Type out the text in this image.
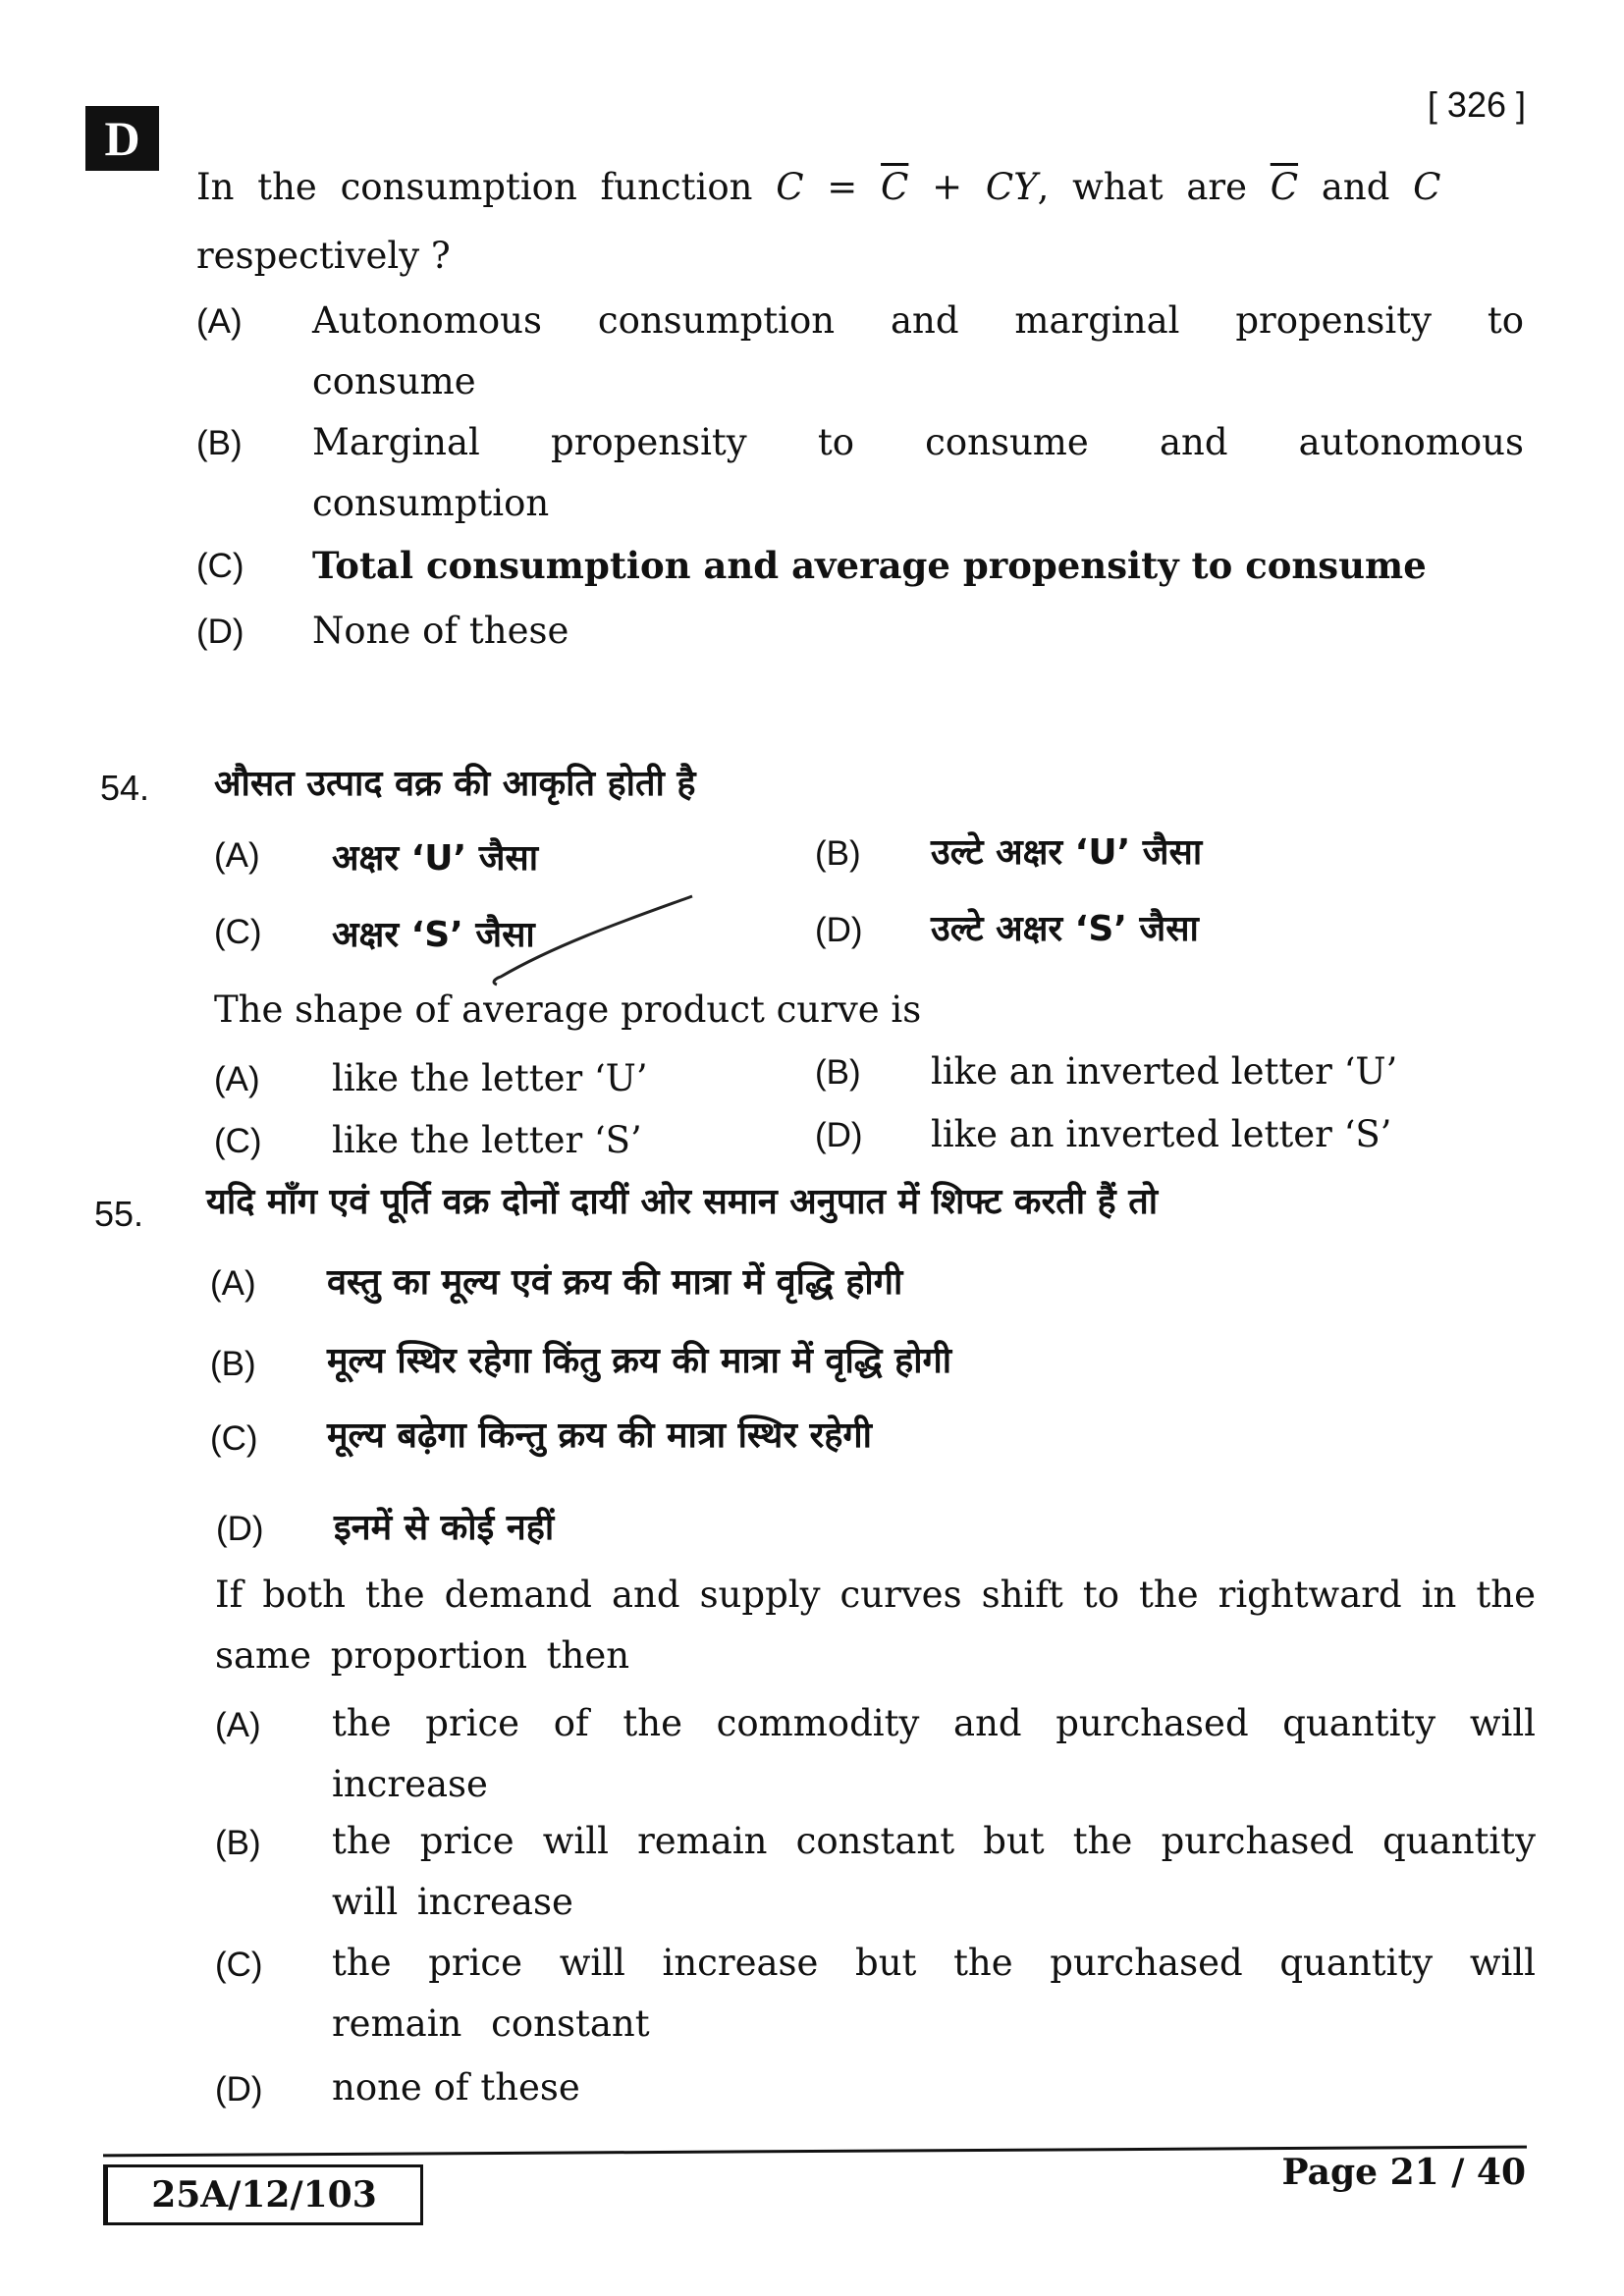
D
[ 326 ]
In the consumption function $C = \overline{C}$ + CY, what are $\overline{C}$ and C
respectively ?
(A) Autonomous consumption and marginal propensity to consume
(B) Marginal propensity to consume and autonomous consumption
(C) Total consumption and average propensity to consume
(D) None of these
54. औसत उत्पाद वक्र की आकृति होती है
(A) अक्षर ‘U’ जैसा	(B) उल्टे अक्षर ‘U’ जैसा
(C) अक्षर ‘S’ जैसा	(D) उल्टे अक्षर ‘S’ जैसा
The shape of average product curve is
(A) like the letter ‘U’	(B) like an inverted letter ‘U’
(C) like the letter ‘S’	(D) like an inverted letter ‘S’
55. यदि माँग एवं पूर्ति वक्र दोनों दायीं ओर समान अनुपात में शिफ्ट करती हैं तो
(A) वस्तु का मूल्य एवं क्रय की मात्रा में वृद्धि होगी
(B) मूल्य स्थिर रहेगा किंतु क्रय की मात्रा में वृद्धि होगी
(C) मूल्य बढ़ेगा किन्तु क्रय की मात्रा स्थिर रहेगी
(D) इनमें से कोई नहीं
If both the demand and supply curves shift to the rightward in the same proportion then
(A) the price of the commodity and purchased quantity will increase
(B) the price will remain constant but the purchased quantity will increase
(C) the price will increase but the purchased quantity will remain constant
(D) none of these
25A/12/103
Page 21 / 40
